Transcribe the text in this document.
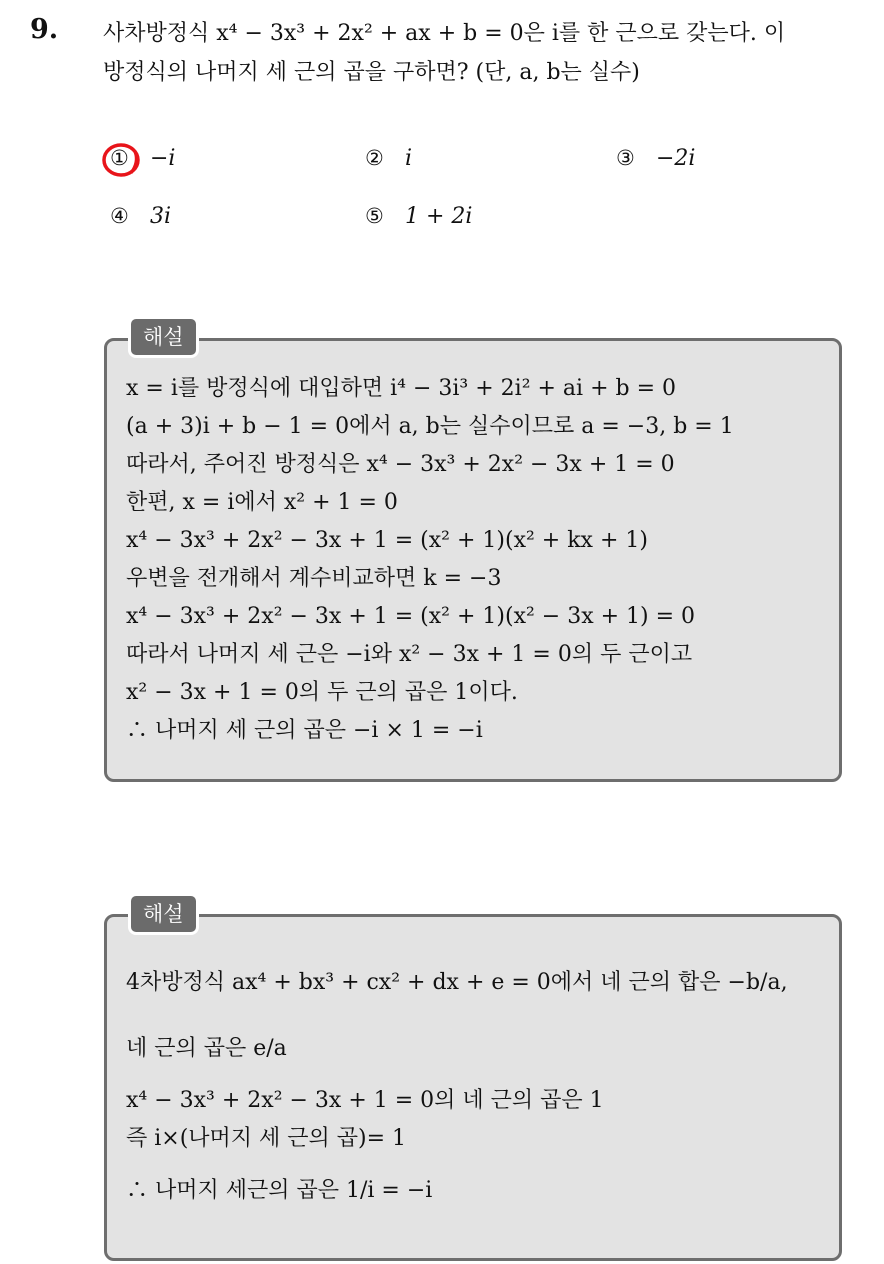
9. 사차방정식 x⁴ − 3x³ + 2x² + ax + b = 0은 i를 한 근으로 갖는다. 이
방정식의 나머지 세 근의 곱을 구하면? (단, a, b는 실수)
① −i	② i	③ −2i
④ 3i	⑤ 1 + 2i
해설
x = i를 방정식에 대입하면 i⁴ − 3i³ + 2i² + ai + b = 0
(a + 3)i + b − 1 = 0에서 a, b는 실수이므로 a = −3, b = 1
따라서, 주어진 방정식은 x⁴ − 3x³ + 2x² − 3x + 1 = 0
한편, x = i에서 x² + 1 = 0
x⁴ − 3x³ + 2x² − 3x + 1 = (x² + 1)(x² + kx + 1)
우변을 전개해서 계수비교하면 k = −3
x⁴ − 3x³ + 2x² − 3x + 1 = (x² + 1)(x² − 3x + 1) = 0
따라서 나머지 세 근은 −i와 x² − 3x + 1 = 0의 두 근이고
x² − 3x + 1 = 0의 두 근의 곱은 1이다.
∴ 나머지 세 근의 곱은 −i × 1 = −i
해설
4차방정식 ax⁴ + bx³ + cx² + dx + e = 0에서 네 근의 합은 −b/a,
네 근의 곱은 e/a
x⁴ − 3x³ + 2x² − 3x + 1 = 0의 네 근의 곱은 1
즉 i×(나머지 세 근의 곱)= 1
∴ 나머지 세근의 곱은 1/i = −i
